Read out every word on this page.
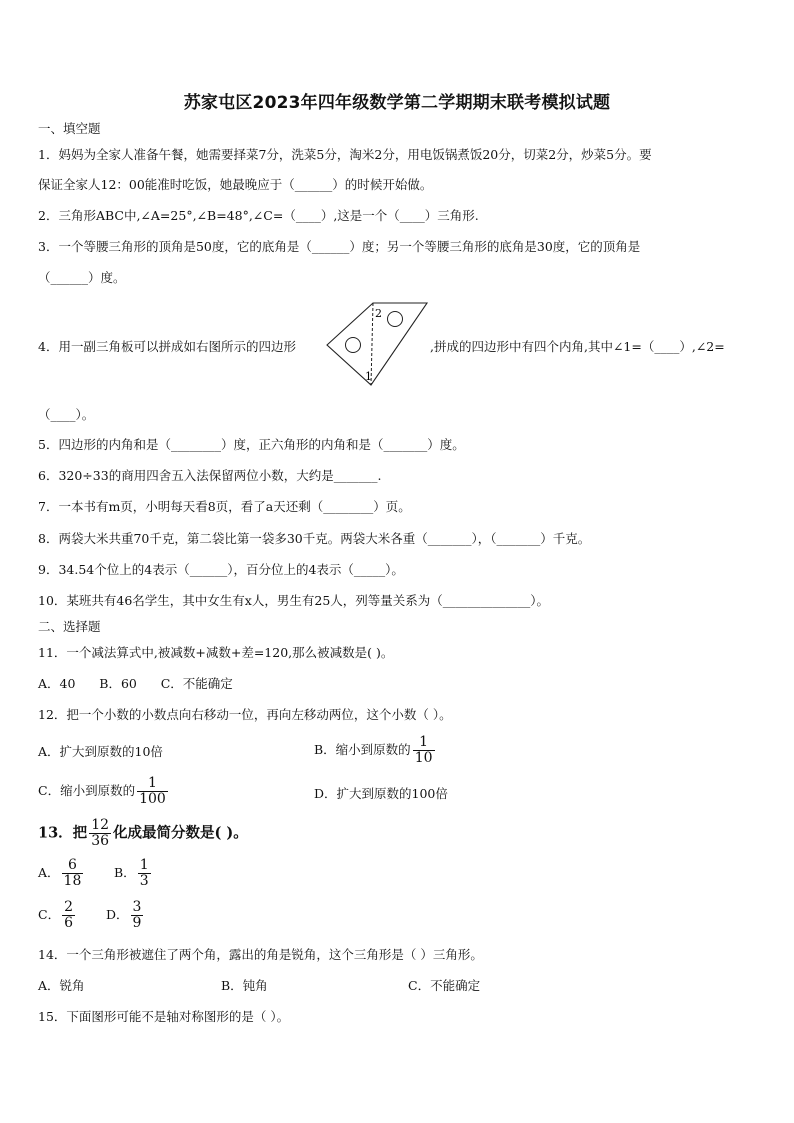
苏家屯区2023年四年级数学第二学期期末联考模拟试题
一、填空题
1．妈妈为全家人准备午餐，她需要择菜7分，洗菜5分，淘米2分，用电饭锅煮饭20分，切菜2分，炒菜5分。要
保证全家人12：00能准时吃饭，她最晚应于（______）的时候开始做。
2．三角形ABC中,∠A=25°,∠B=48°,∠C=（____）,这是一个（____）三角形.
3．一个等腰三角形的顶角是50度，它的底角是（______）度；另一个等腰三角形的底角是30度，它的顶角是
（______）度。
4．用一副三角板可以拼成如右图所示的四边形	,拼成的四边形中有四个内角,其中∠1=（____）,∠2=
2
1
（____）。
5．四边形的内角和是（________）度，正六角形的内角和是（_______）度。
6．320÷33的商用四舍五入法保留两位小数，大约是_______.
7．一本书有m页，小明每天看8页，看了a天还剩（________）页。
8．两袋大米共重70千克，第二袋比第一袋多30千克。两袋大米各重（_______），（_______）千克。
9．34.54个位上的4表示（______），百分位上的4表示（_____）。
10．某班共有46名学生，其中女生有x人，男生有25人，列等量关系为（______________）。
二、选择题
11．一个减法算式中,被减数+减数+差=120,那么被减数是( )。
A．40      B．60      C．不能确定
12．把一个小数的小数点向右移动一位，再向左移动两位，这个小数（ ）。
A．扩大到原数的10倍	B．缩小到原数的 $\frac{1}{10}$
C．缩小到原数的 $\frac{1}{100}$	D．扩大到原数的100倍
13．把 $\frac{12}{36}$ 化成最简分数是( )。
A． $\frac{6}{18}$ B． $\frac{1}{3}$
C． $\frac{2}{6}$ D． $\frac{3}{9}$
14．一个三角形被遮住了两个角，露出的角是锐角，这个三角形是（ ）三角形。
A．锐角	B．钝角	C．不能确定
15．下面图形可能不是轴对称图形的是（ ）。
